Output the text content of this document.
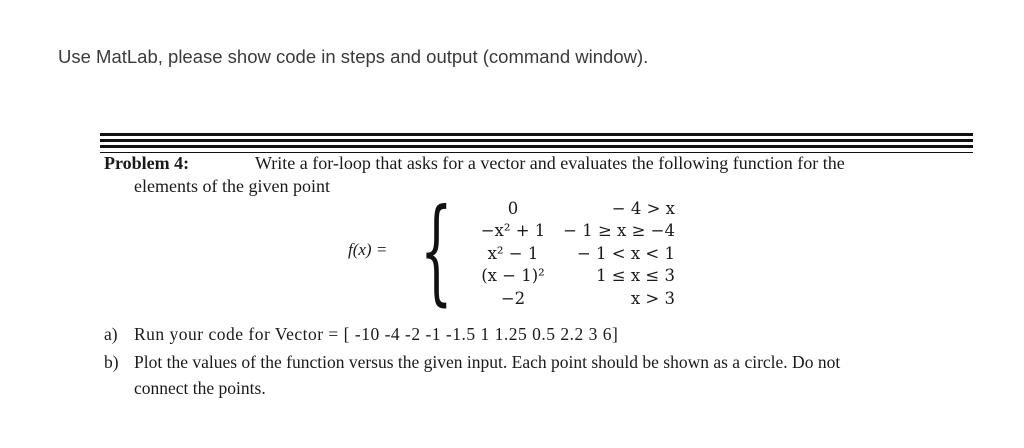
Use MatLab, please show code in steps and output (command window).
Problem 4:	Write a for-loop that asks for a vector and evaluates the following function for the
elements of the given point
f(x) = {	0	− 4 > x
−x² + 1	− 1 ≥ x ≥ −4
x² − 1	− 1 < x < 1
(x − 1)²	1 ≤ x ≤ 3
−2	x > 3
a) Run your code for Vector = [ -10 -4 -2 -1 -1.5 1 1.25 0.5 2.2 3 6]
b) Plot the values of the function versus the given input. Each point should be shown as a circle. Do not
connect the points.
